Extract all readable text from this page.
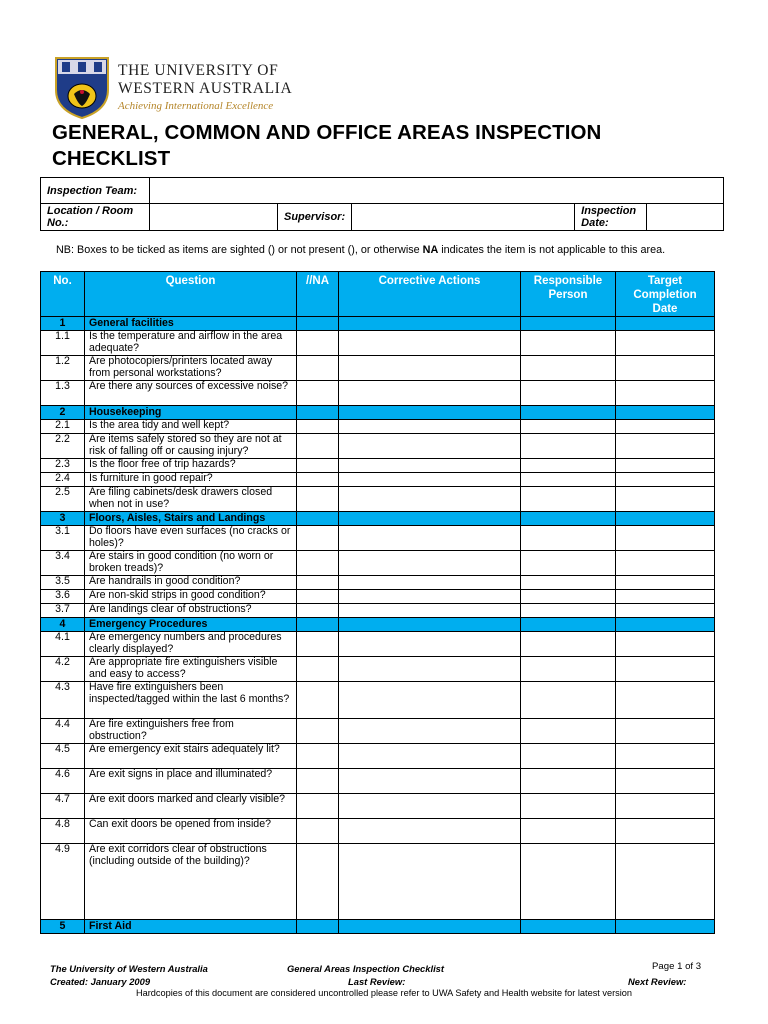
THE UNIVERSITY OF
WESTERN AUSTRALIA
Achieving International Excellence
GENERAL, COMMON AND OFFICE AREAS INSPECTION
CHECKLIST
Inspection Team:					
Location / Room No.:		Supervisor:		Inspection Date:	
NB: Boxes to be ticked as items are sighted () or not present (), or otherwise NA indicates the item is not applicable to this area.
No.	Question	//NA	Corrective Actions	Responsible Person	Target Completion Date
1	General facilities				
1.1	Is the temperature and airflow in the area adequate?				
1.2	Are photocopiers/printers located away from personal workstations?				
1.3	Are there any sources of excessive noise?				
2	Housekeeping				
2.1	Is the area tidy and well kept?				
2.2	Are items safely stored so they are not at risk of falling off or causing injury?				
2.3	Is the floor free of trip hazards?				
2.4	Is furniture in good repair?				
2.5	Are filing cabinets/desk drawers closed when not in use?				
3	Floors, Aisles, Stairs and Landings				
3.1	Do floors have even surfaces (no cracks or holes)?				
3.4	Are stairs in good condition (no worn or broken treads)?				
3.5	Are handrails in good condition?				
3.6	Are non-skid strips in good condition?				
3.7	Are landings clear of obstructions?				
4	Emergency Procedures				
4.1	Are emergency numbers and procedures clearly displayed?				
4.2	Are appropriate fire extinguishers visible and easy to access?				
4.3	Have fire extinguishers been inspected/tagged within the last 6 months?				
4.4	Are fire extinguishers free from obstruction?				
4.5	Are emergency exit stairs adequately lit?				
4.6	Are exit signs in place and illuminated?				
4.7	Are exit doors marked and clearly visible?				
4.8	Can exit doors be opened from inside?				
4.9	Are exit corridors clear of obstructions (including outside of the building)?				
5	First Aid				
The University of Western Australia	General Areas Inspection Checklist	Page 1 of 3
Created: January 2009	Last Review:	Next Review:
Hardcopies of this document are considered uncontrolled please refer to UWA Safety and Health website for latest version
